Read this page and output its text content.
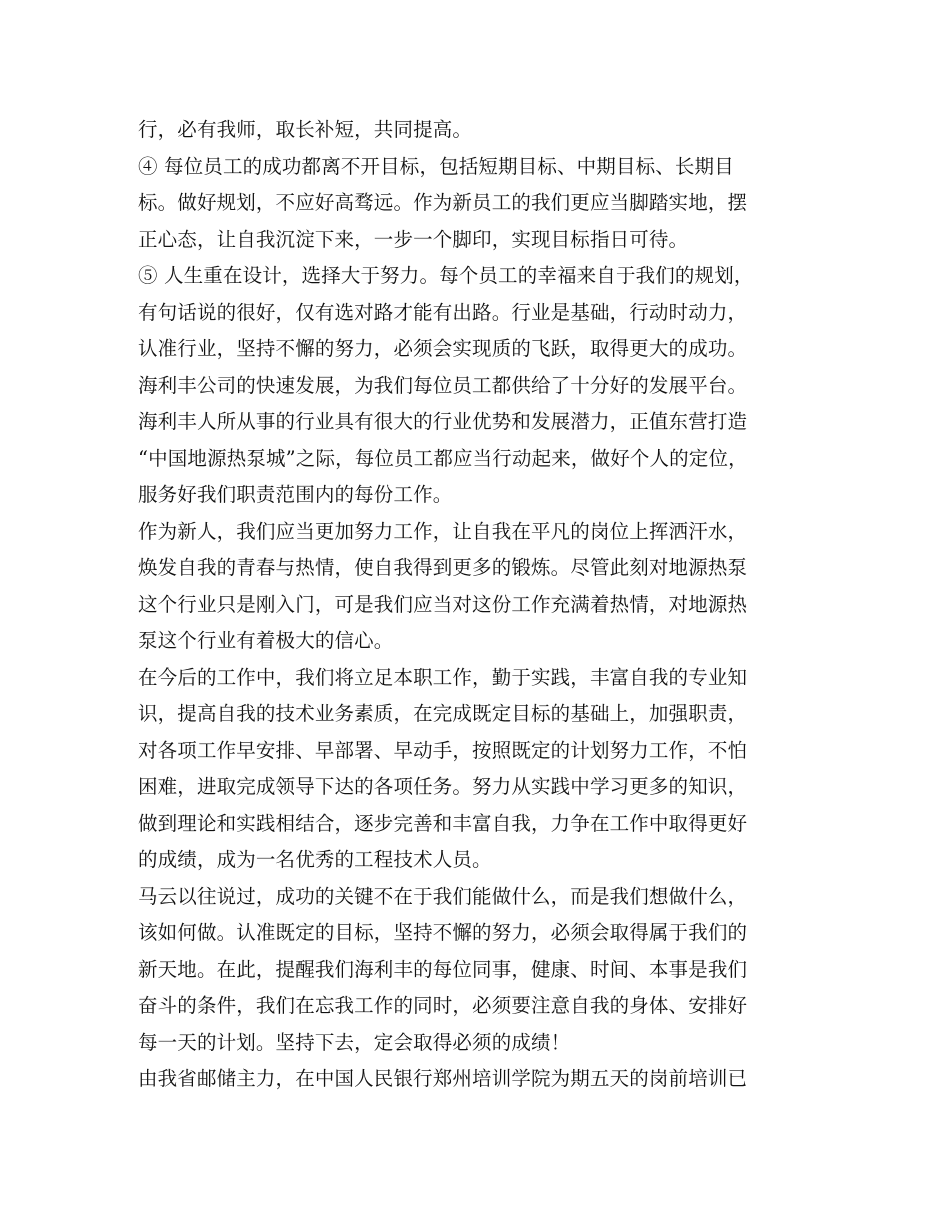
行，必有我师，取长补短，共同提高。
④ 每位员工的成功都离不开目标，包括短期目标、中期目标、长期目
标。做好规划，不应好高骛远。作为新员工的我们更应当脚踏实地，摆
正心态，让自我沉淀下来，一步一个脚印，实现目标指日可待。
⑤ 人生重在设计，选择大于努力。每个员工的幸福来自于我们的规划，
有句话说的很好，仅有选对路才能有出路。行业是基础，行动时动力，
认准行业，坚持不懈的努力，必须会实现质的飞跃，取得更大的成功。
海利丰公司的快速发展，为我们每位员工都供给了十分好的发展平台。
海利丰人所从事的行业具有很大的行业优势和发展潜力，正值东营打造
“中国地源热泵城”之际，每位员工都应当行动起来，做好个人的定位，
服务好我们职责范围内的每份工作。
作为新人，我们应当更加努力工作，让自我在平凡的岗位上挥洒汗水，
焕发自我的青春与热情，使自我得到更多的锻炼。尽管此刻对地源热泵
这个行业只是刚入门，可是我们应当对这份工作充满着热情，对地源热
泵这个行业有着极大的信心。
在今后的工作中，我们将立足本职工作，勤于实践，丰富自我的专业知
识，提高自我的技术业务素质，在完成既定目标的基础上，加强职责，
对各项工作早安排、早部署、早动手，按照既定的计划努力工作，不怕
困难，进取完成领导下达的各项任务。努力从实践中学习更多的知识，
做到理论和实践相结合，逐步完善和丰富自我，力争在工作中取得更好
的成绩，成为一名优秀的工程技术人员。
马云以往说过，成功的关键不在于我们能做什么，而是我们想做什么，
该如何做。认准既定的目标，坚持不懈的努力，必须会取得属于我们的
新天地。在此，提醒我们海利丰的每位同事，健康、时间、本事是我们
奋斗的条件，我们在忘我工作的同时，必须要注意自我的身体、安排好
每一天的计划。坚持下去，定会取得必须的成绩！
由我省邮储主力，在中国人民银行郑州培训学院为期五天的岗前培训已
